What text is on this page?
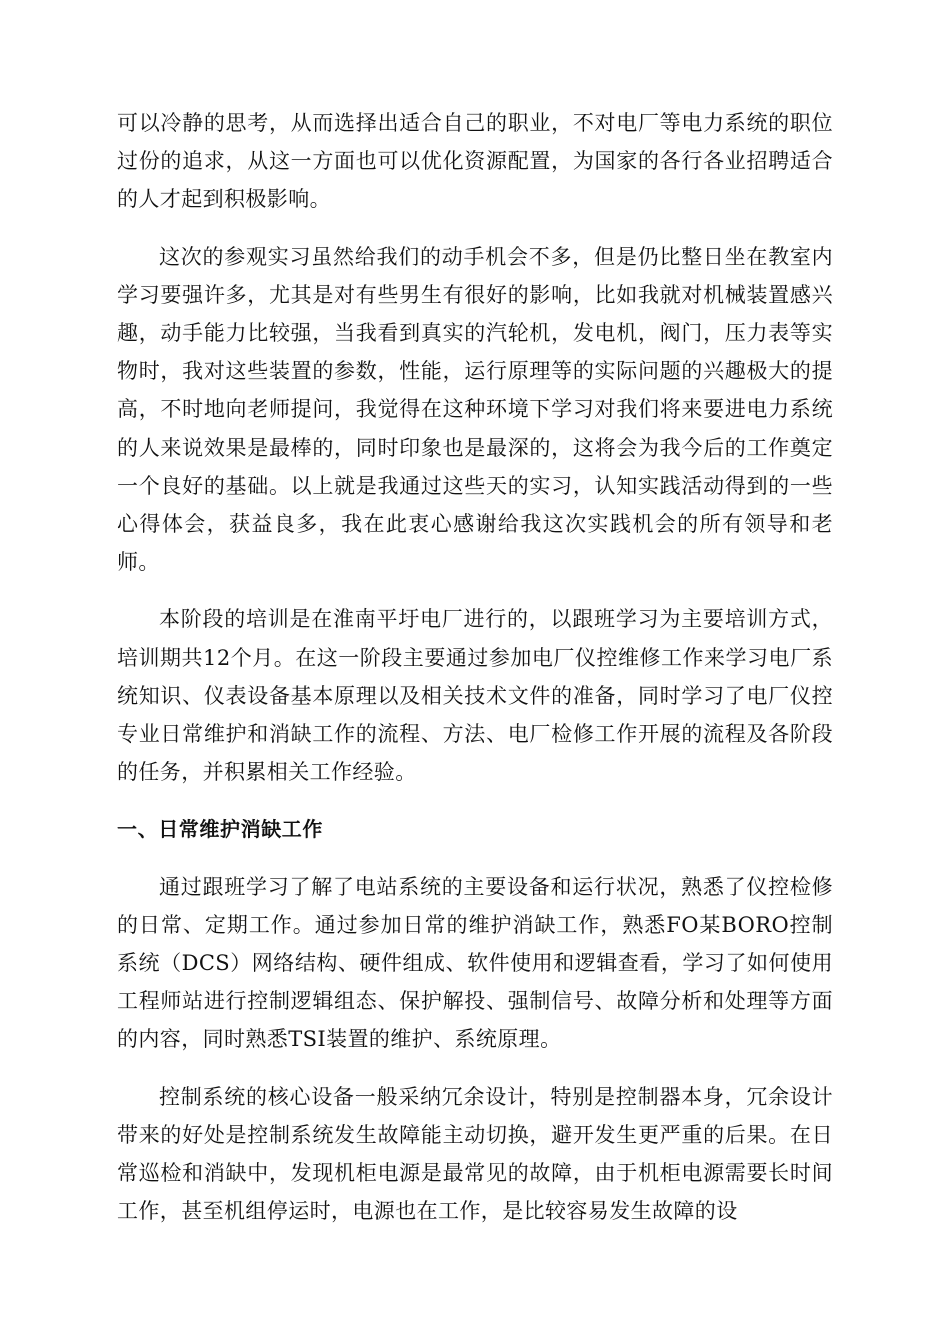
可以冷静的思考，从而选择出适合自己的职业，不对电厂等电力系统的职位过份的追求，从这一方面也可以优化资源配置，为国家的各行各业招聘适合的人才起到积极影响。

这次的参观实习虽然给我们的动手机会不多，但是仍比整日坐在教室内学习要强许多，尤其是对有些男生有很好的影响，比如我就对机械装置感兴趣，动手能力比较强，当我看到真实的汽轮机，发电机，阀门，压力表等实物时，我对这些装置的参数，性能，运行原理等的实际问题的兴趣极大的提高，不时地向老师提问，我觉得在这种环境下学习对我们将来要进电力系统的人来说效果是最棒的，同时印象也是最深的，这将会为我今后的工作奠定一个良好的基础。以上就是我通过这些天的实习，认知实践活动得到的一些心得体会，获益良多，我在此衷心感谢给我这次实践机会的所有领导和老师。

本阶段的培训是在淮南平圩电厂进行的，以跟班学习为主要培训方式，培训期共12个月。在这一阶段主要通过参加电厂仪控维修工作来学习电厂系统知识、仪表设备基本原理以及相关技术文件的准备，同时学习了电厂仪控专业日常维护和消缺工作的流程、方法、电厂检修工作开展的流程及各阶段的任务，并积累相关工作经验。

一、日常维护消缺工作

通过跟班学习了解了电站系统的主要设备和运行状况，熟悉了仪控检修的日常、定期工作。通过参加日常的维护消缺工作，熟悉FO某BORO控制系统（DCS）网络结构、硬件组成、软件使用和逻辑查看，学习了如何使用工程师站进行控制逻辑组态、保护解投、强制信号、故障分析和处理等方面的内容，同时熟悉TSI装置的维护、系统原理。

控制系统的核心设备一般采纳冗余设计，特别是控制器本身，冗余设计带来的好处是控制系统发生故障能主动切换，避开发生更严重的后果。在日常巡检和消缺中，发现机柜电源是最常见的故障，由于机柜电源需要长时间工作，甚至机组停运时，电源也在工作，是比较容易发生故障的设
